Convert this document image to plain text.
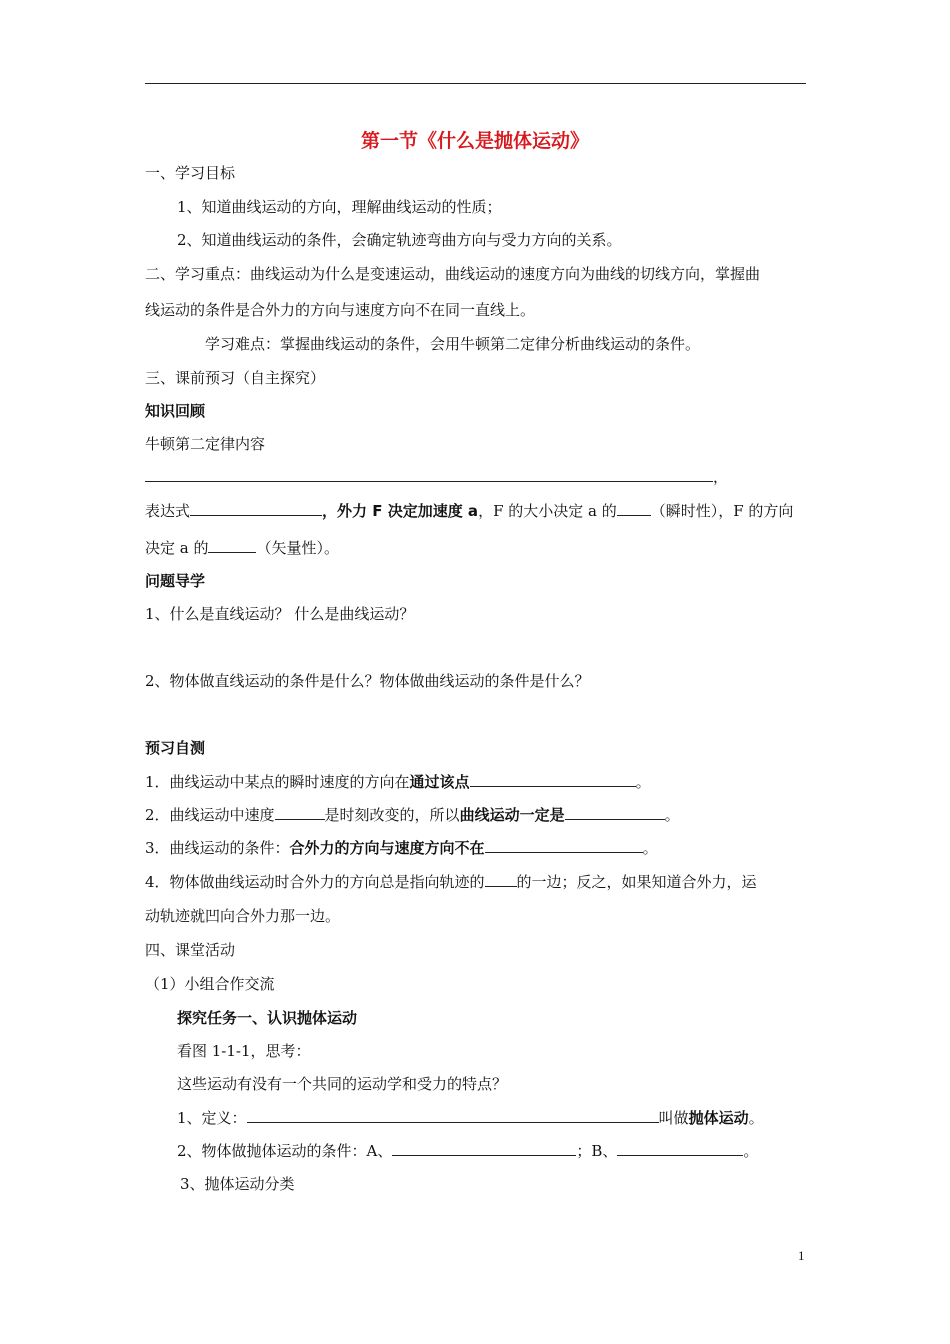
第一节《什么是抛体运动》
一、学习目标
1、知道曲线运动的方向，理解曲线运动的性质；
2、知道曲线运动的条件，会确定轨迹弯曲方向与受力方向的关系。
二、学习重点：曲线运动为什么是变速运动，曲线运动的速度方向为曲线的切线方向，掌握曲
线运动的条件是合外力的方向与速度方向不在同一直线上。
学习难点：掌握曲线运动的条件，会用牛顿第二定律分析曲线运动的条件。
三、课前预习（自主探究）
知识回顾
牛顿第二定律内容
，
表达式	，外力 F 决定加速度 a，F 的大小决定 a 的 （瞬时性），F 的方向
决定 a 的	（矢量性）。
问题导学
1、什么是直线运动？ 什么是曲线运动？
2、物体做直线运动的条件是什么？物体做曲线运动的条件是什么？
预习自测
1．曲线运动中某点的瞬时速度的方向在通过该点	。
2．曲线运动中速度	是时刻改变的，所以曲线运动一定是	。
3．曲线运动的条件：合外力的方向与速度方向不在	。
4．物体做曲线运动时合外力的方向总是指向轨迹的 的一边；反之，如果知道合外力，运
动轨迹就凹向合外力那一边。
四、课堂活动
（1）小组合作交流
探究任务一、认识抛体运动
看图 1-1-1，思考：
这些运动有没有一个共同的运动学和受力的特点？
1、定义：	叫做抛体运动。
2、物体做抛体运动的条件：A、	；B、	。
3、抛体运动分类
1
